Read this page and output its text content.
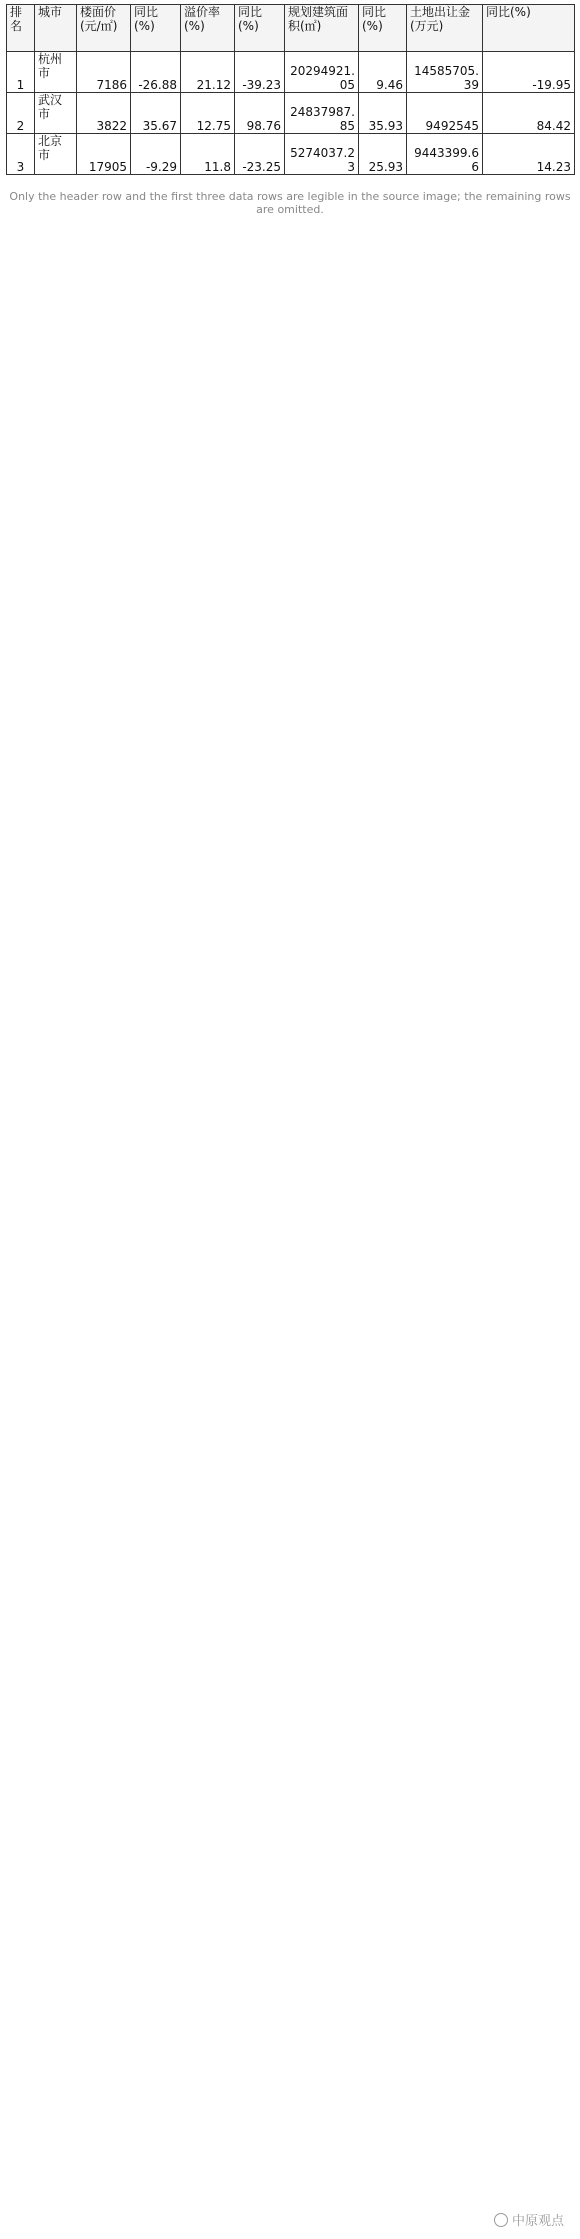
排名	城市	楼面价(元/㎡)	同比(%)	溢价率(%)	同比(%)	规划建筑面积(㎡)	同比(%)	土地出让金(万元)	同比(%)
1	杭州市	7186	-26.88	21.12	-39.23	20294921.05	9.46	14585705.39	-19.95
2	武汉市	3822	35.67	12.75	98.76	24837987.85	35.93	9492545	84.42
3	北京市	17905	-9.29	11.8	-23.25	5274037.23	25.93	9443399.66	14.23
Only the header row and the first three data rows are legible in the source image; the remaining rows are omitted.
中原观点
